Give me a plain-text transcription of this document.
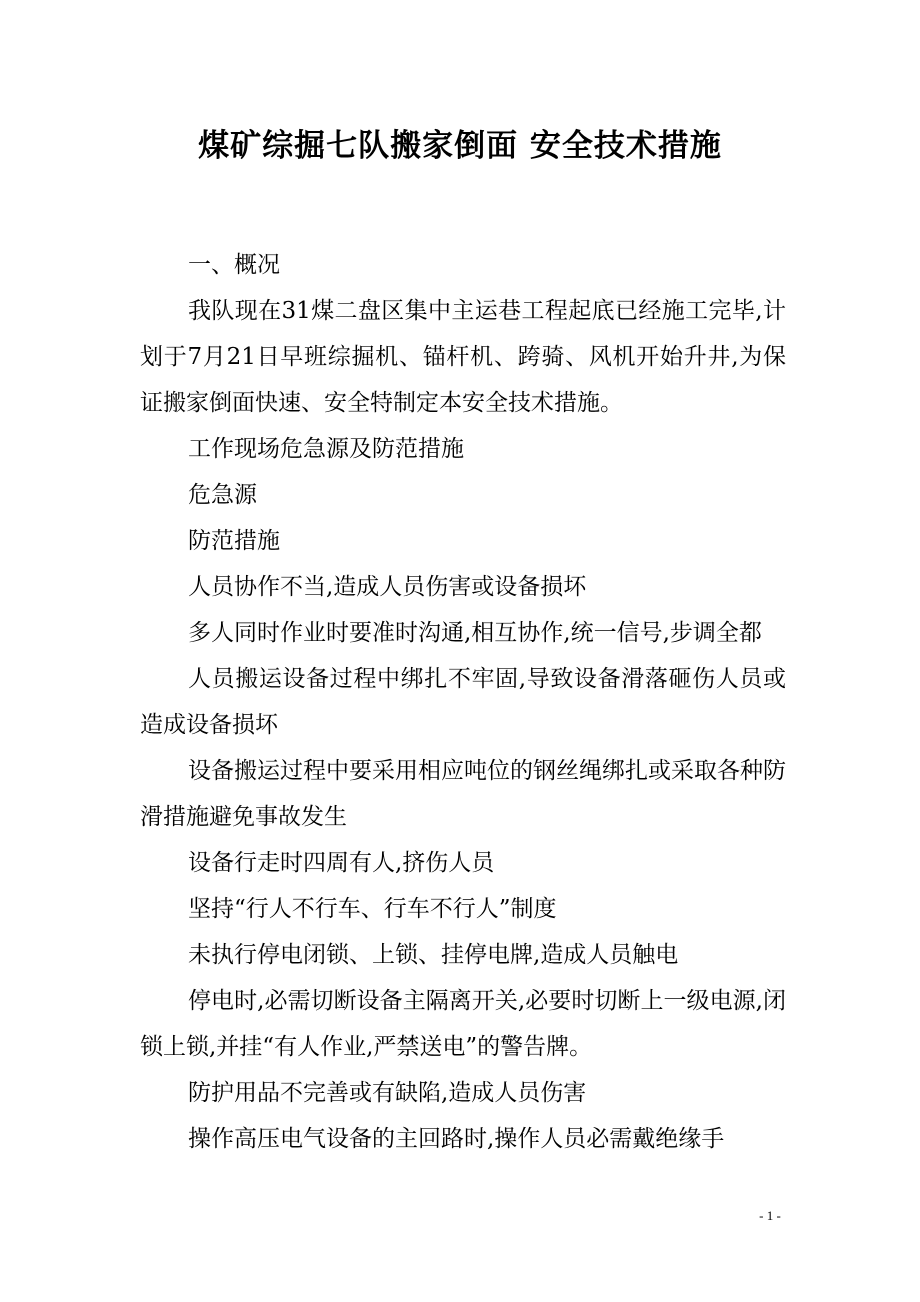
煤矿综掘七队搬家倒面 安全技术措施

一、概况

我队现在31煤二盘区集中主运巷工程起底已经施工完毕,计划于7月21日早班综掘机、锚杆机、跨骑、风机开始升井,为保证搬家倒面快速、安全特制定本安全技术措施。

工作现场危急源及防范措施

危急源

防范措施

人员协作不当,造成人员伤害或设备损坏

多人同时作业时要准时沟通,相互协作,统一信号,步调全都

人员搬运设备过程中绑扎不牢固,导致设备滑落砸伤人员或造成设备损坏

设备搬运过程中要采用相应吨位的钢丝绳绑扎或采取各种防滑措施避免事故发生

设备行走时四周有人,挤伤人员

坚持“行人不行车、行车不行人”制度

未执行停电闭锁、上锁、挂停电牌,造成人员触电

停电时,必需切断设备主隔离开关,必要时切断上一级电源,闭锁上锁,并挂“有人作业,严禁送电”的警告牌。

防护用品不完善或有缺陷,造成人员伤害

操作高压电气设备的主回路时,操作人员必需戴绝缘手

- 1 -
